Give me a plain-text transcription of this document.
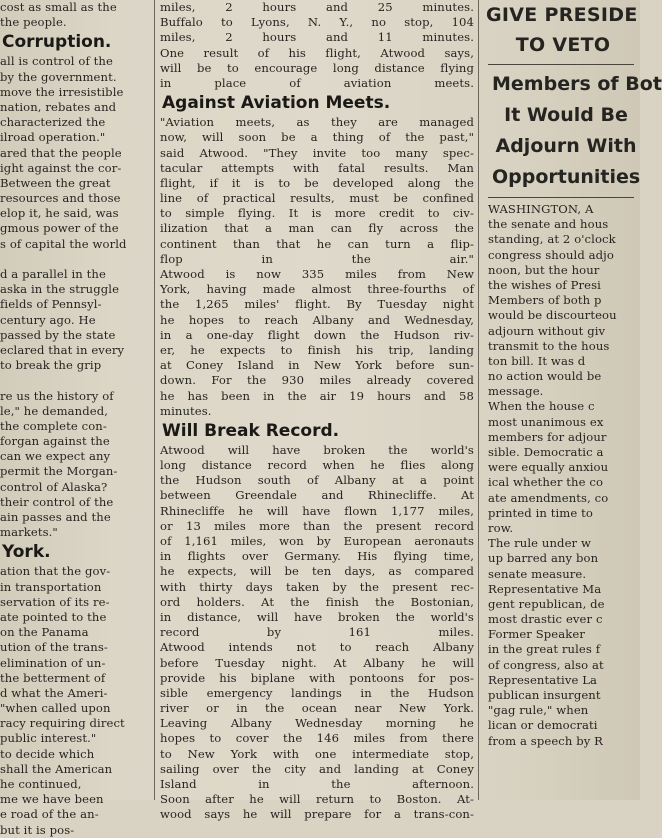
cost as small as the
the people.
Corruption.
all is control of the
by the government.
move the irresistible
nation, rebates and
characterized the
ilroad operation."
ared that the people
ight against the cor-
Between the great
resources and those
elop it, he said, was
gmous power of the
s of capital the world
d a parallel in the
aska in the struggle
fields of Pennsyl-
century ago. He
passed by the state
eclared that in every
to break the grip
re us the history of
le," he demanded,
the complete con-
forgan against the
can we expect any
permit the Morgan-
control of Alaska?
their control of the
ain passes and the
markets."
York.
ation that the gov-
in transportation
servation of its re-
ate pointed to the
on the Panama
ution of the trans-
elimination of un-
the betterment of
d what the Ameri-
"when called upon
racy requiring direct
public interest."
to decide which
shall the American
he continued,
me we have been
e road of the an-
but it is pos-
miles, 2 hours and 25 minutes.
Buffalo to Lyons, N. Y., no stop, 104
miles, 2 hours and 11 minutes.
One result of his flight, Atwood says,
will be to encourage long distance flying
in place of aviation meets.
Against Aviation Meets.
"Aviation meets, as they are managed
now, will soon be a thing of the past,"
said Atwood. "They invite too many spec-
tacular attempts with fatal results. Man
flight, if it is to be developed along the
line of practical results, must be confined
to simple flying. It is more credit to civ-
ilization that a man can fly across the
continent than that he can turn a flip-
flop in the air."
Atwood is now 335 miles from New
York, having made almost three-fourths of
the 1,265 miles' flight. By Tuesday night
he hopes to reach Albany and Wednesday,
in a one-day flight down the Hudson riv-
er, he expects to finish his trip, landing
at Coney Island in New York before sun-
down. For the 930 miles already covered
he has been in the air 19 hours and 58
minutes.
Will Break Record.
Atwood will have broken the world's
long distance record when he flies along
the Hudson south of Albany at a point
between Greendale and Rhinecliffe. At
Rhinecliffe he will have flown 1,177 miles,
or 13 miles more than the present record
of 1,161 miles, won by European aeronauts
in flights over Germany. His flying time,
he expects, will be ten days, as compared
with thirty days taken by the present rec-
ord holders. At the finish the Bostonian,
in distance, will have broken the world's
record by 161 miles.
Atwood intends not to reach Albany
before Tuesday night. At Albany he will
provide his biplane with pontoons for pos-
sible emergency landings in the Hudson
river or in the ocean near New York.
Leaving Albany Wednesday morning he
hopes to cover the 146 miles from there
to New York with one intermediate stop,
sailing over the city and landing at Coney
Island in the afternoon.
Soon after he will return to Boston. At-
wood says he will prepare for a trans-con-
GIVE PRESIDE
TO VETO
Members of Bot
It Would Be
Adjourn With
Opportunities
WASHINGTON, A
the senate and hous
standing, at 2 o'clock
congress should adjo
noon, but the hour
the wishes of Presi
Members of both p
would be discourteou
adjourn without giv
transmit to the hous
ton bill. It was d
no action would be
message.
When the house c
most unanimous ex
members for adjour
sible. Democratic a
were equally anxiou
ical whether the co
ate amendments, co
printed in time to
row.
The rule under w
up barred any bon
senate measure.
Representative Ma
gent republican, de
most drastic ever c
Former Speaker
in the great rules f
of congress, also at
Representative La
publican insurgent
"gag rule," when
lican or democrati
from a speech by R
